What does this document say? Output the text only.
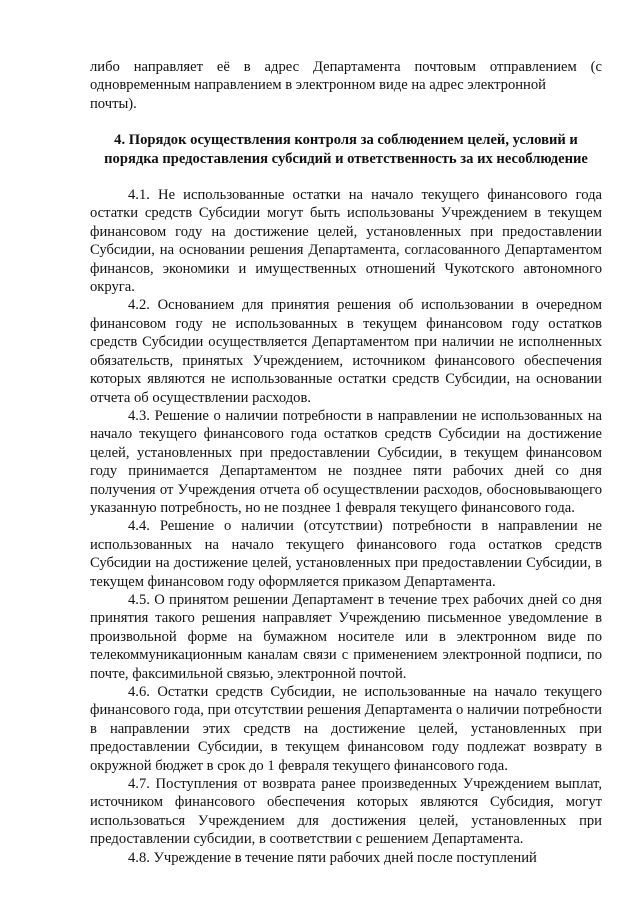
либо направляет её в адрес Департамента почтовым отправлением (с одновременным направлением в электронном виде на адрес электронной
почты).

4. Порядок осуществления контроля за соблюдением целей, условий и
порядка предоставления субсидий и ответственность за их несоблюдение

4.1. Не использованные остатки на начало текущего финансового года остатки средств Субсидии могут быть использованы Учреждением в текущем финансовом году на достижение целей, установленных при предоставлении Субсидии, на основании решения Департамента, согласованного Департаментом финансов, экономики и имущественных отношений Чукотского автономного округа.

4.2. Основанием для принятия решения об использовании в очередном финансовом году не использованных в текущем финансовом году остатков средств Субсидии осуществляется Департаментом при наличии не исполненных обязательств, принятых Учреждением, источником финансового обеспечения которых являются не использованные остатки средств Субсидии, на основании отчета об осуществлении расходов.

4.3. Решение о наличии потребности в направлении не использованных на начало текущего финансового года остатков средств Субсидии на достижение целей, установленных при предоставлении Субсидии, в текущем финансовом году принимается Департаментом не позднее пяти рабочих дней со дня получения от Учреждения отчета об осуществлении расходов, обосновывающего указанную потребность, но не позднее 1 февраля текущего финансового года.

4.4. Решение о наличии (отсутствии) потребности в направлении не использованных на начало текущего финансового года остатков средств Субсидии на достижение целей, установленных при предоставлении Субсидии, в текущем финансовом году оформляется приказом Департамента.

4.5. О принятом решении Департамент в течение трех рабочих дней со дня принятия такого решения направляет Учреждению письменное уведомление в произвольной форме на бумажном носителе или в электронном виде по телекоммуникационным каналам связи с применением электронной подписи, по почте, факсимильной связью, электронной почтой.

4.6. Остатки средств Субсидии, не использованные на начало текущего финансового года, при отсутствии решения Департамента о наличии потребности в направлении этих средств на достижение целей, установленных при предоставлении Субсидии, в текущем финансовом году подлежат возврату в окружной бюджет в срок до 1 февраля текущего финансового года.

4.7. Поступления от возврата ранее произведенных Учреждением выплат, источником финансового обеспечения которых являются Субсидия, могут использоваться Учреждением для достижения целей, установленных при предоставлении субсидии, в соответствии с решением Департамента.

4.8. Учреждение в течение пяти рабочих дней после поступлений
